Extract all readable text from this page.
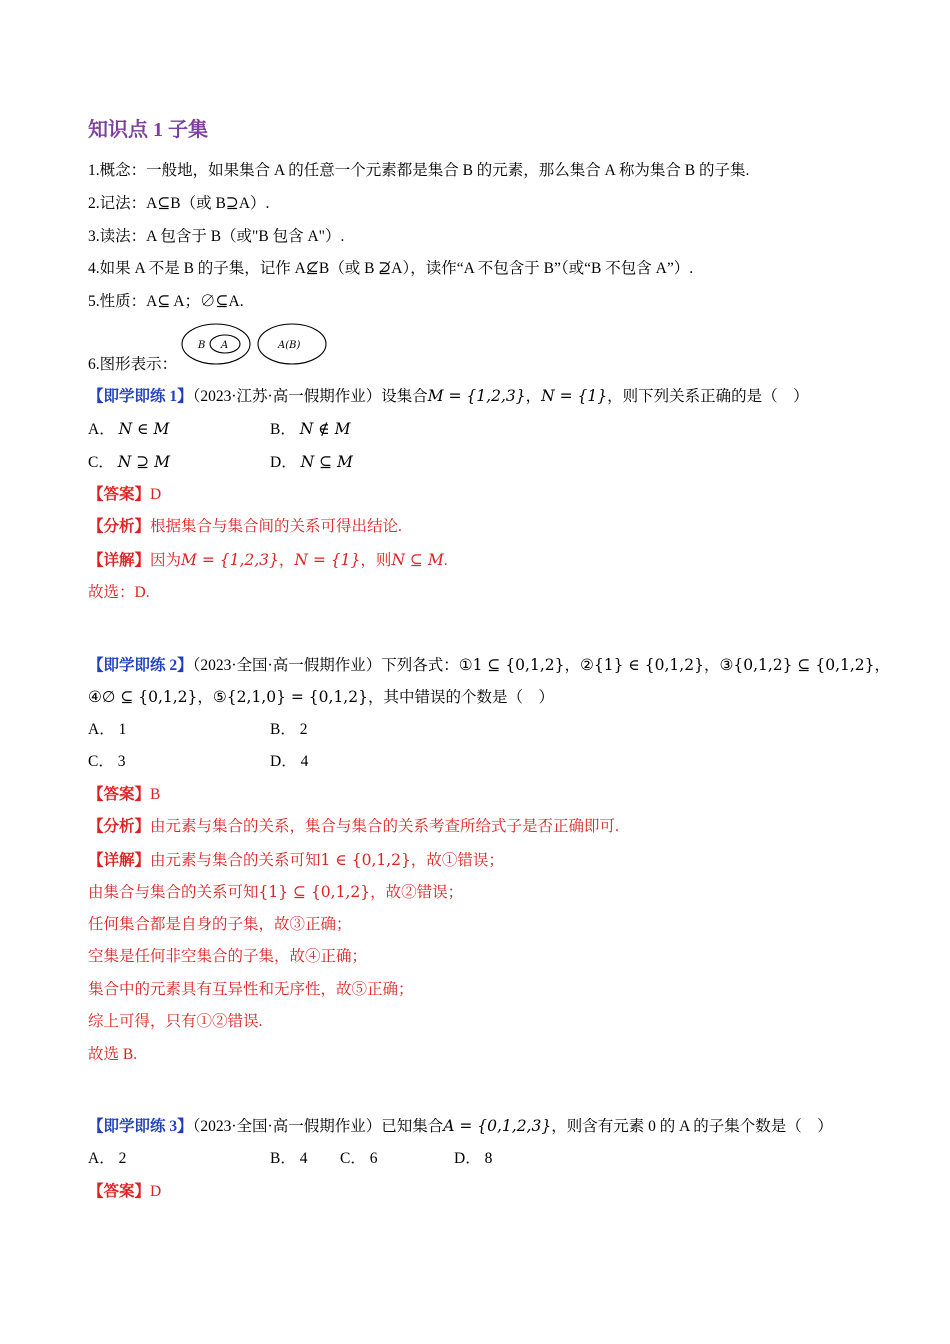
知识点 1 子集
1.概念：一般地，如果集合 A 的任意一个元素都是集合 B 的元素，那么集合 A 称为集合 B 的子集.
2.记法：A⊆B（或 B⊇A）.
3.读法：A 包含于 B（或"B 包含 A"）.
4.如果 A 不是 B 的子集，记作 A⊈B（或 B ⊉A），读作“A 不包含于 B”（或“B 不包含 A”）.
5.性质：A⊆ A；∅⊆A.
6.图形表示：
B A	A(B)
【即学即练 1】（2023·江苏·高一假期作业）设集合M = {1,2,3}，N = {1}，则下列关系正确的是（　）
A． N ∈ M	B． N ∉ M
C． N ⊇ M	D． N ⊆ M
【答案】D
【分析】根据集合与集合间的关系可得出结论.
【详解】因为M = {1,2,3}，N = {1}，则N ⊆ M.
故选：D.
【即学即练 2】（2023·全国·高一假期作业）下列各式：①1 ⊆ {0,1,2}，②{1} ∈ {0,1,2}，③{0,1,2} ⊆ {0,1,2}，
④∅ ⊆ {0,1,2}，⑤{2,1,0} = {0,1,2}，其中错误的个数是（　）
A． 1	B． 2
C． 3	D． 4
【答案】B
【分析】由元素与集合的关系，集合与集合的关系考查所给式子是否正确即可.
【详解】由元素与集合的关系可知1 ∈ {0,1,2}，故①错误；
由集合与集合的关系可知{1} ⊆ {0,1,2}，故②错误；
任何集合都是自身的子集，故③正确；
空集是任何非空集合的子集，故④正确；
集合中的元素具有互异性和无序性，故⑤正确；
综上可得，只有①②错误.
故选 B.
【即学即练 3】（2023·全国·高一假期作业）已知集合A = {0,1,2,3}，则含有元素 0 的 A 的子集个数是（　）
A． 2	B． 4 C． 6	D． 8
【答案】D
